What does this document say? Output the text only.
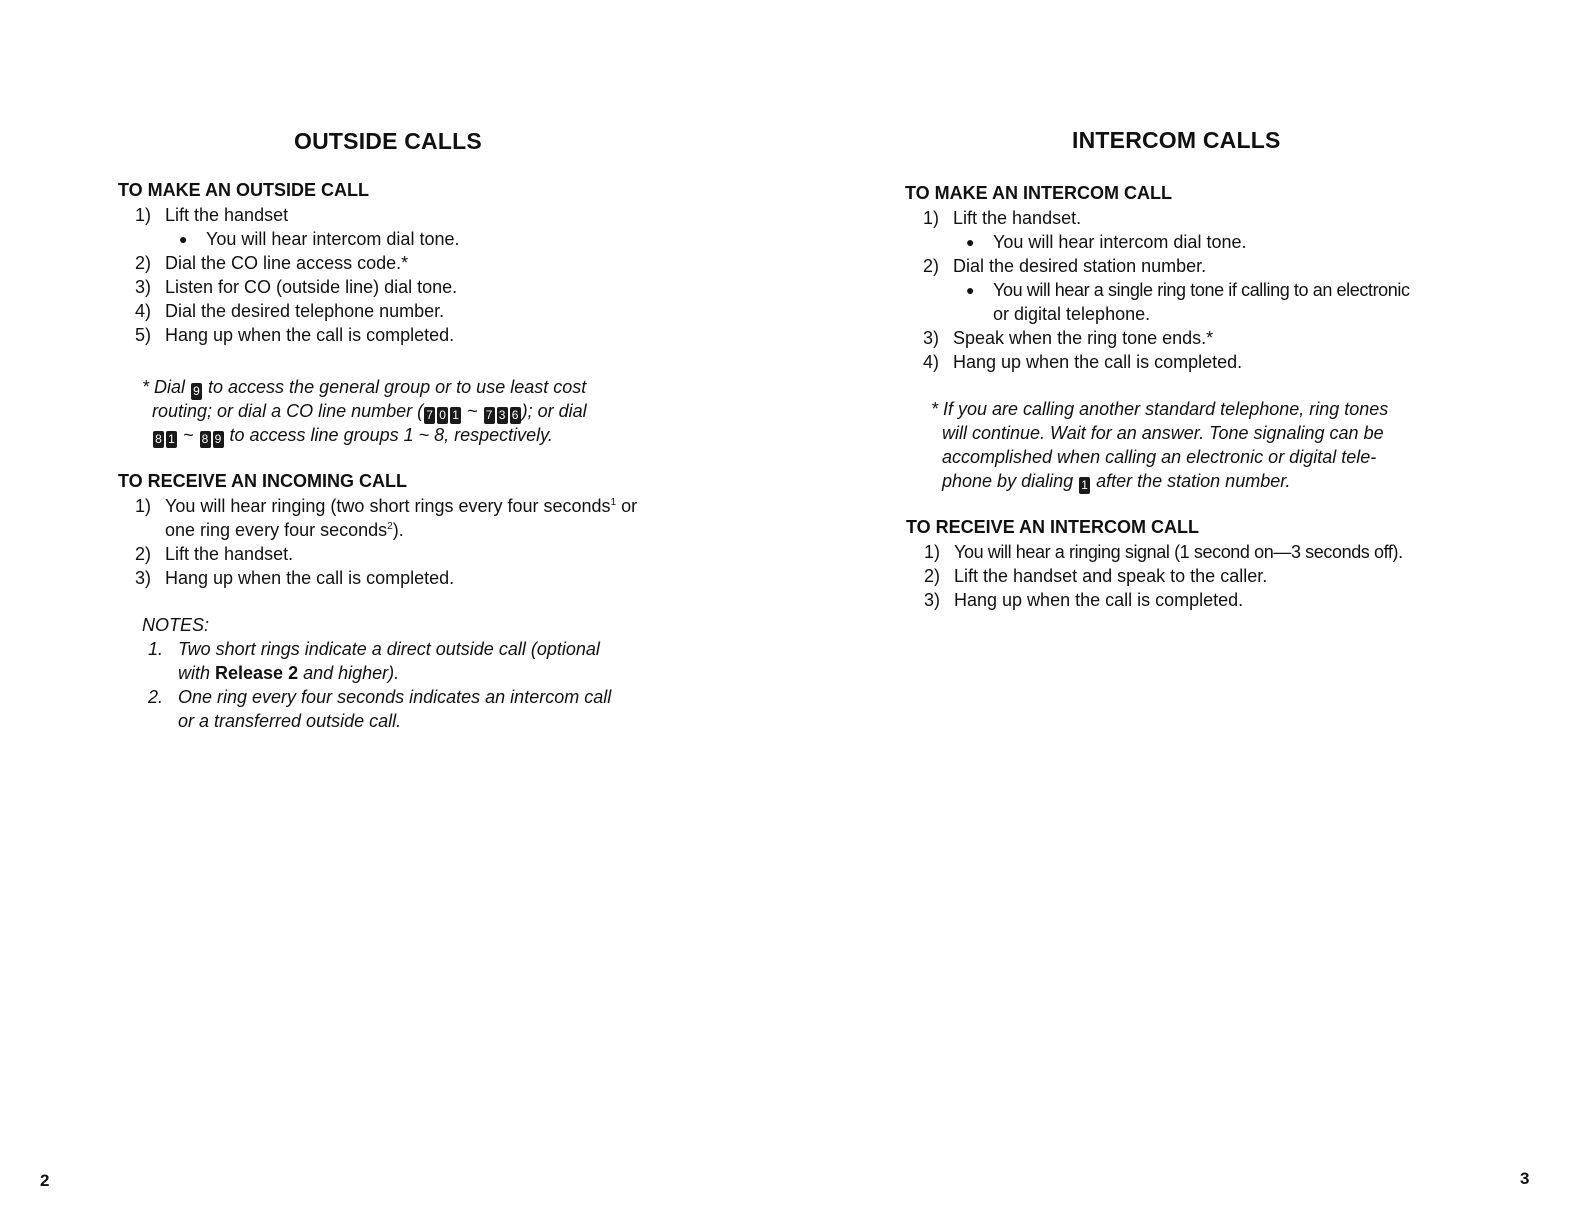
OUTSIDE CALLS
TO MAKE AN OUTSIDE CALL
1) Lift the handset
● You will hear intercom dial tone.
2) Dial the CO line access code.*
3) Listen for CO (outside line) dial tone.
4) Dial the desired telephone number.
5) Hang up when the call is completed.
* Dial 9 to access the general group or to use least cost
routing; or dial a CO line number ( 7 0 1 ~ 7 3 6 ); or dial
8 1 ~ 8 9 to access line groups 1 ~ 8, respectively.
TO RECEIVE AN INCOMING CALL
1) You will hear ringing (two short rings every four seconds$^1$ or
one ring every four seconds$^2$).
2) Lift the handset.
3) Hang up when the call is completed.
NOTES:
1. Two short rings indicate a direct outside call (optional
with Release 2 and higher).
2. One ring every four seconds indicates an intercom call
or a transferred outside call.
2
INTERCOM CALLS
TO MAKE AN INTERCOM CALL
1) Lift the handset.
● You will hear intercom dial tone.
2) Dial the desired station number.
● You will hear a single ring tone if calling to an electronic
or digital telephone.
3) Speak when the ring tone ends.*
4) Hang up when the call is completed.
* If you are calling another standard telephone, ring tones
will continue. Wait for an answer. Tone signaling can be
accomplished when calling an electronic or digital tele-
phone by dialing 1 after the station number.
TO RECEIVE AN INTERCOM CALL
1) You will hear a ringing signal (1 second on—3 seconds off).
2) Lift the handset and speak to the caller.
3) Hang up when the call is completed.
3
